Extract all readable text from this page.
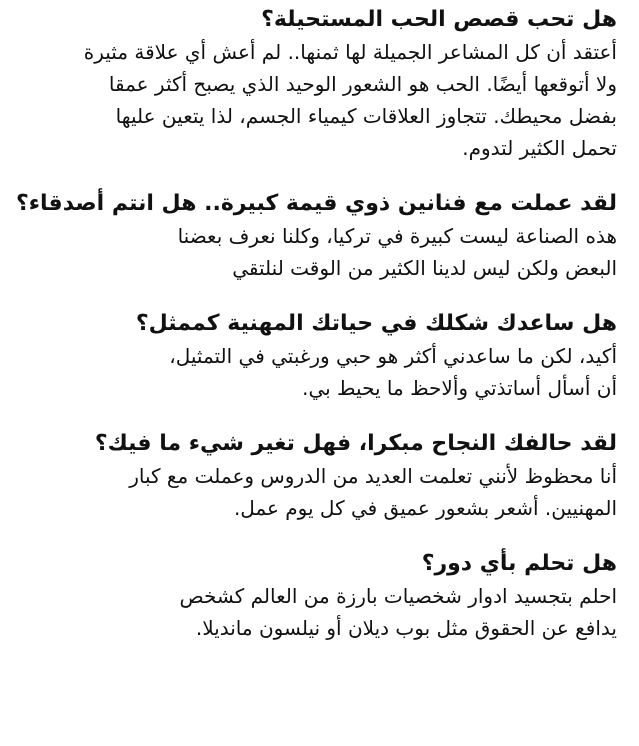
هل تحب قصص الحب المستحيلة؟

أعتقد أن كل المشاعر الجميلة لها ثمنها.. لم أعش أي علاقة مثيرة
ولا أتوقعها أيضًا. الحب هو الشعور الوحيد الذي يصبح أكثر عمقا
بفضل محيطك. تتجاوز العلاقات كيمياء الجسم، لذا يتعين عليها
تحمل الكثير لتدوم.

لقد عملت مع فنانين ذوي قيمة كبيرة.. هل انتم أصدقاء؟

هذه الصناعة ليست كبيرة في تركيا، وكلنا نعرف بعضنا
البعض ولكن ليس لدينا الكثير من الوقت لنلتقي

هل ساعدك شكلك في حياتك المهنية كممثل؟

أكيد، لكن ما ساعدني أكثر هو حبي ورغبتي في التمثيل،
أن أسأل أساتذتي وألاحظ ما يحيط بي.

لقد حالفك النجاح مبكرا، فهل تغير شيء ما فيك؟

أنا محظوظ لأنني تعلمت العديد من الدروس وعملت مع كبار
المهنيين. أشعر بشعور عميق في كل يوم عمل.

هل تحلم بأي دور؟

احلم بتجسيد ادوار شخصيات بارزة من العالم كشخص
يدافع عن الحقوق مثل بوب ديلان أو نيلسون مانديلا.
